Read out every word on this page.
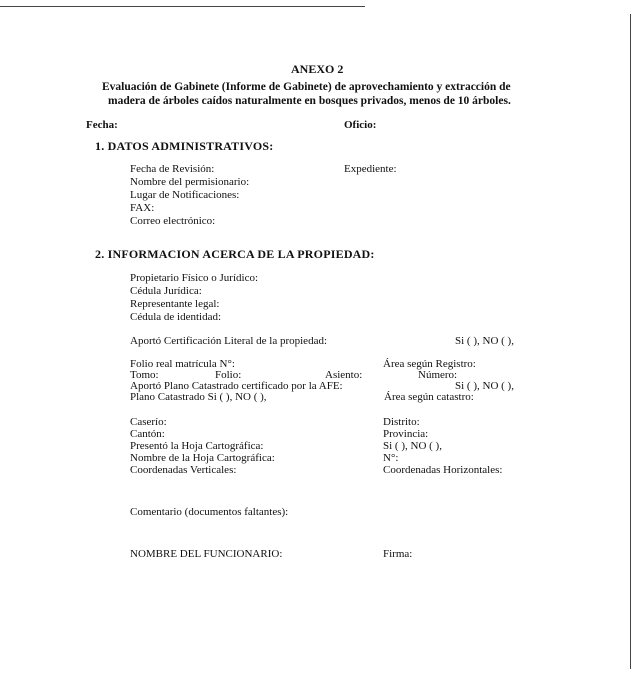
ANEXO 2
Evaluación de Gabinete (Informe de Gabinete) de aprovechamiento y extracción de
madera de árboles caídos naturalmente en bosques privados, menos de 10 árboles.
Fecha:	Oficio:
1. DATOS ADMINISTRATIVOS:
Fecha de Revisión:	Expediente:
Nombre del permisionario:
Lugar de Notificaciones:
FAX:
Correo electrónico:
2. INFORMACION ACERCA DE LA PROPIEDAD:
Propietario Físico o Jurídico:
Cédula Jurídica:
Representante legal:
Cédula de identidad:
Aportó Certificación Literal de la propiedad:	Si ( ), NO ( ),
Folio real matrícula N°:	Área según Registro:
Tomo:	Folio:	Asiento:	Número:
Aportó Plano Catastrado certificado por la AFE:	Si ( ), NO ( ),
Plano Catastrado Si ( ), NO ( ),	Área según catastro:
Caserío:	Distrito:
Cantón:	Provincia:
Presentó la Hoja Cartográfica:	Si ( ), NO ( ),
Nombre de la Hoja Cartográfica:	N°:
Coordenadas Verticales:	Coordenadas Horizontales:
Comentario (documentos faltantes):
NOMBRE DEL FUNCIONARIO:	Firma:
